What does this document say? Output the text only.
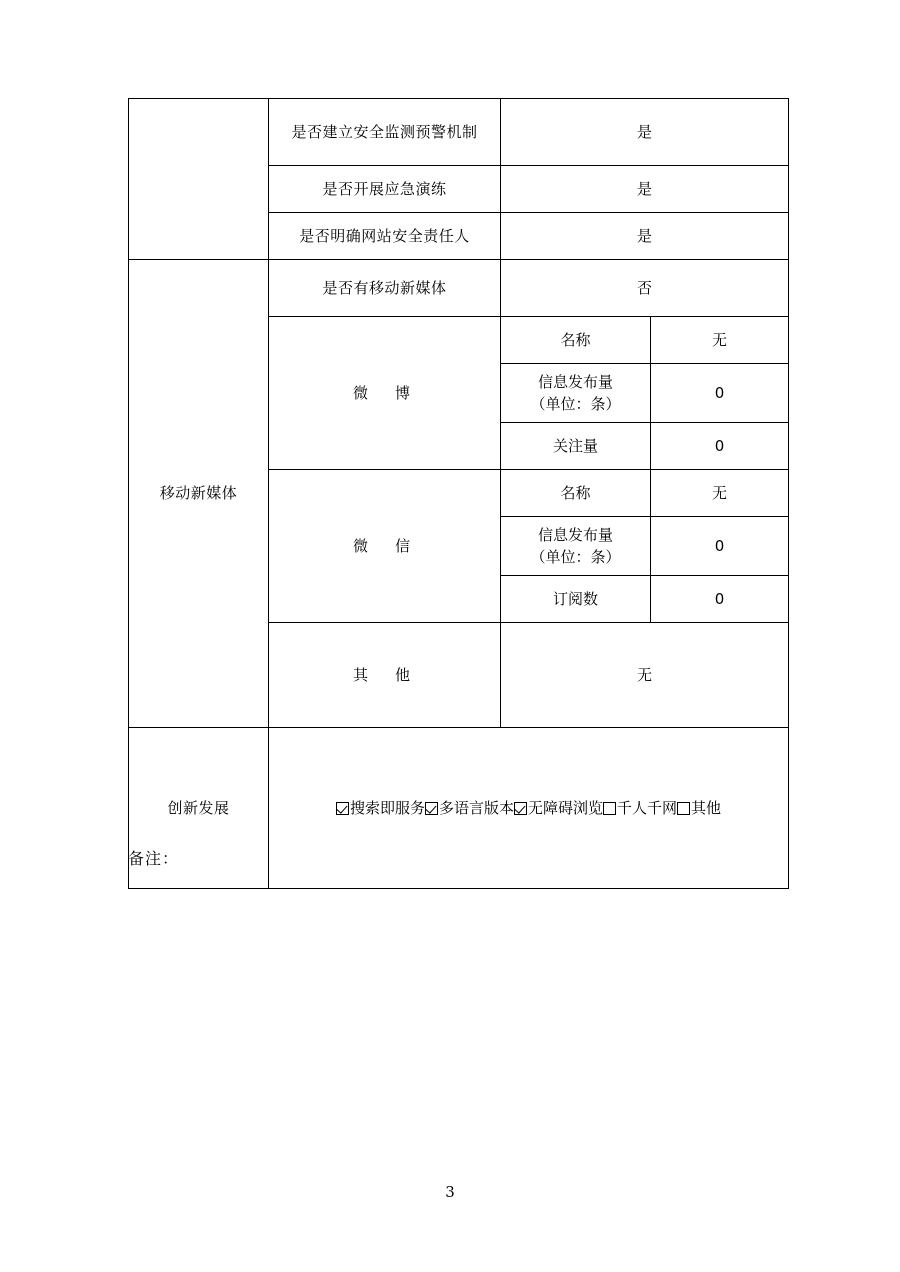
	是否建立安全监测预警机制	是	
	是否开展应急演练	是	
	是否明确网站安全责任人	是	
移动新媒体	是否有移动新媒体	否	
	微　博	名称	无

		信息发布量
（单位：条）	0
		关注量	0
	微　信	名称	无

		信息发布量
（单位：条）	0
		订阅数	0
	其　他	无	
创新发展	搜索即服务 多语言版本 无障碍浏览 千人千网 其他		
备注：
3
